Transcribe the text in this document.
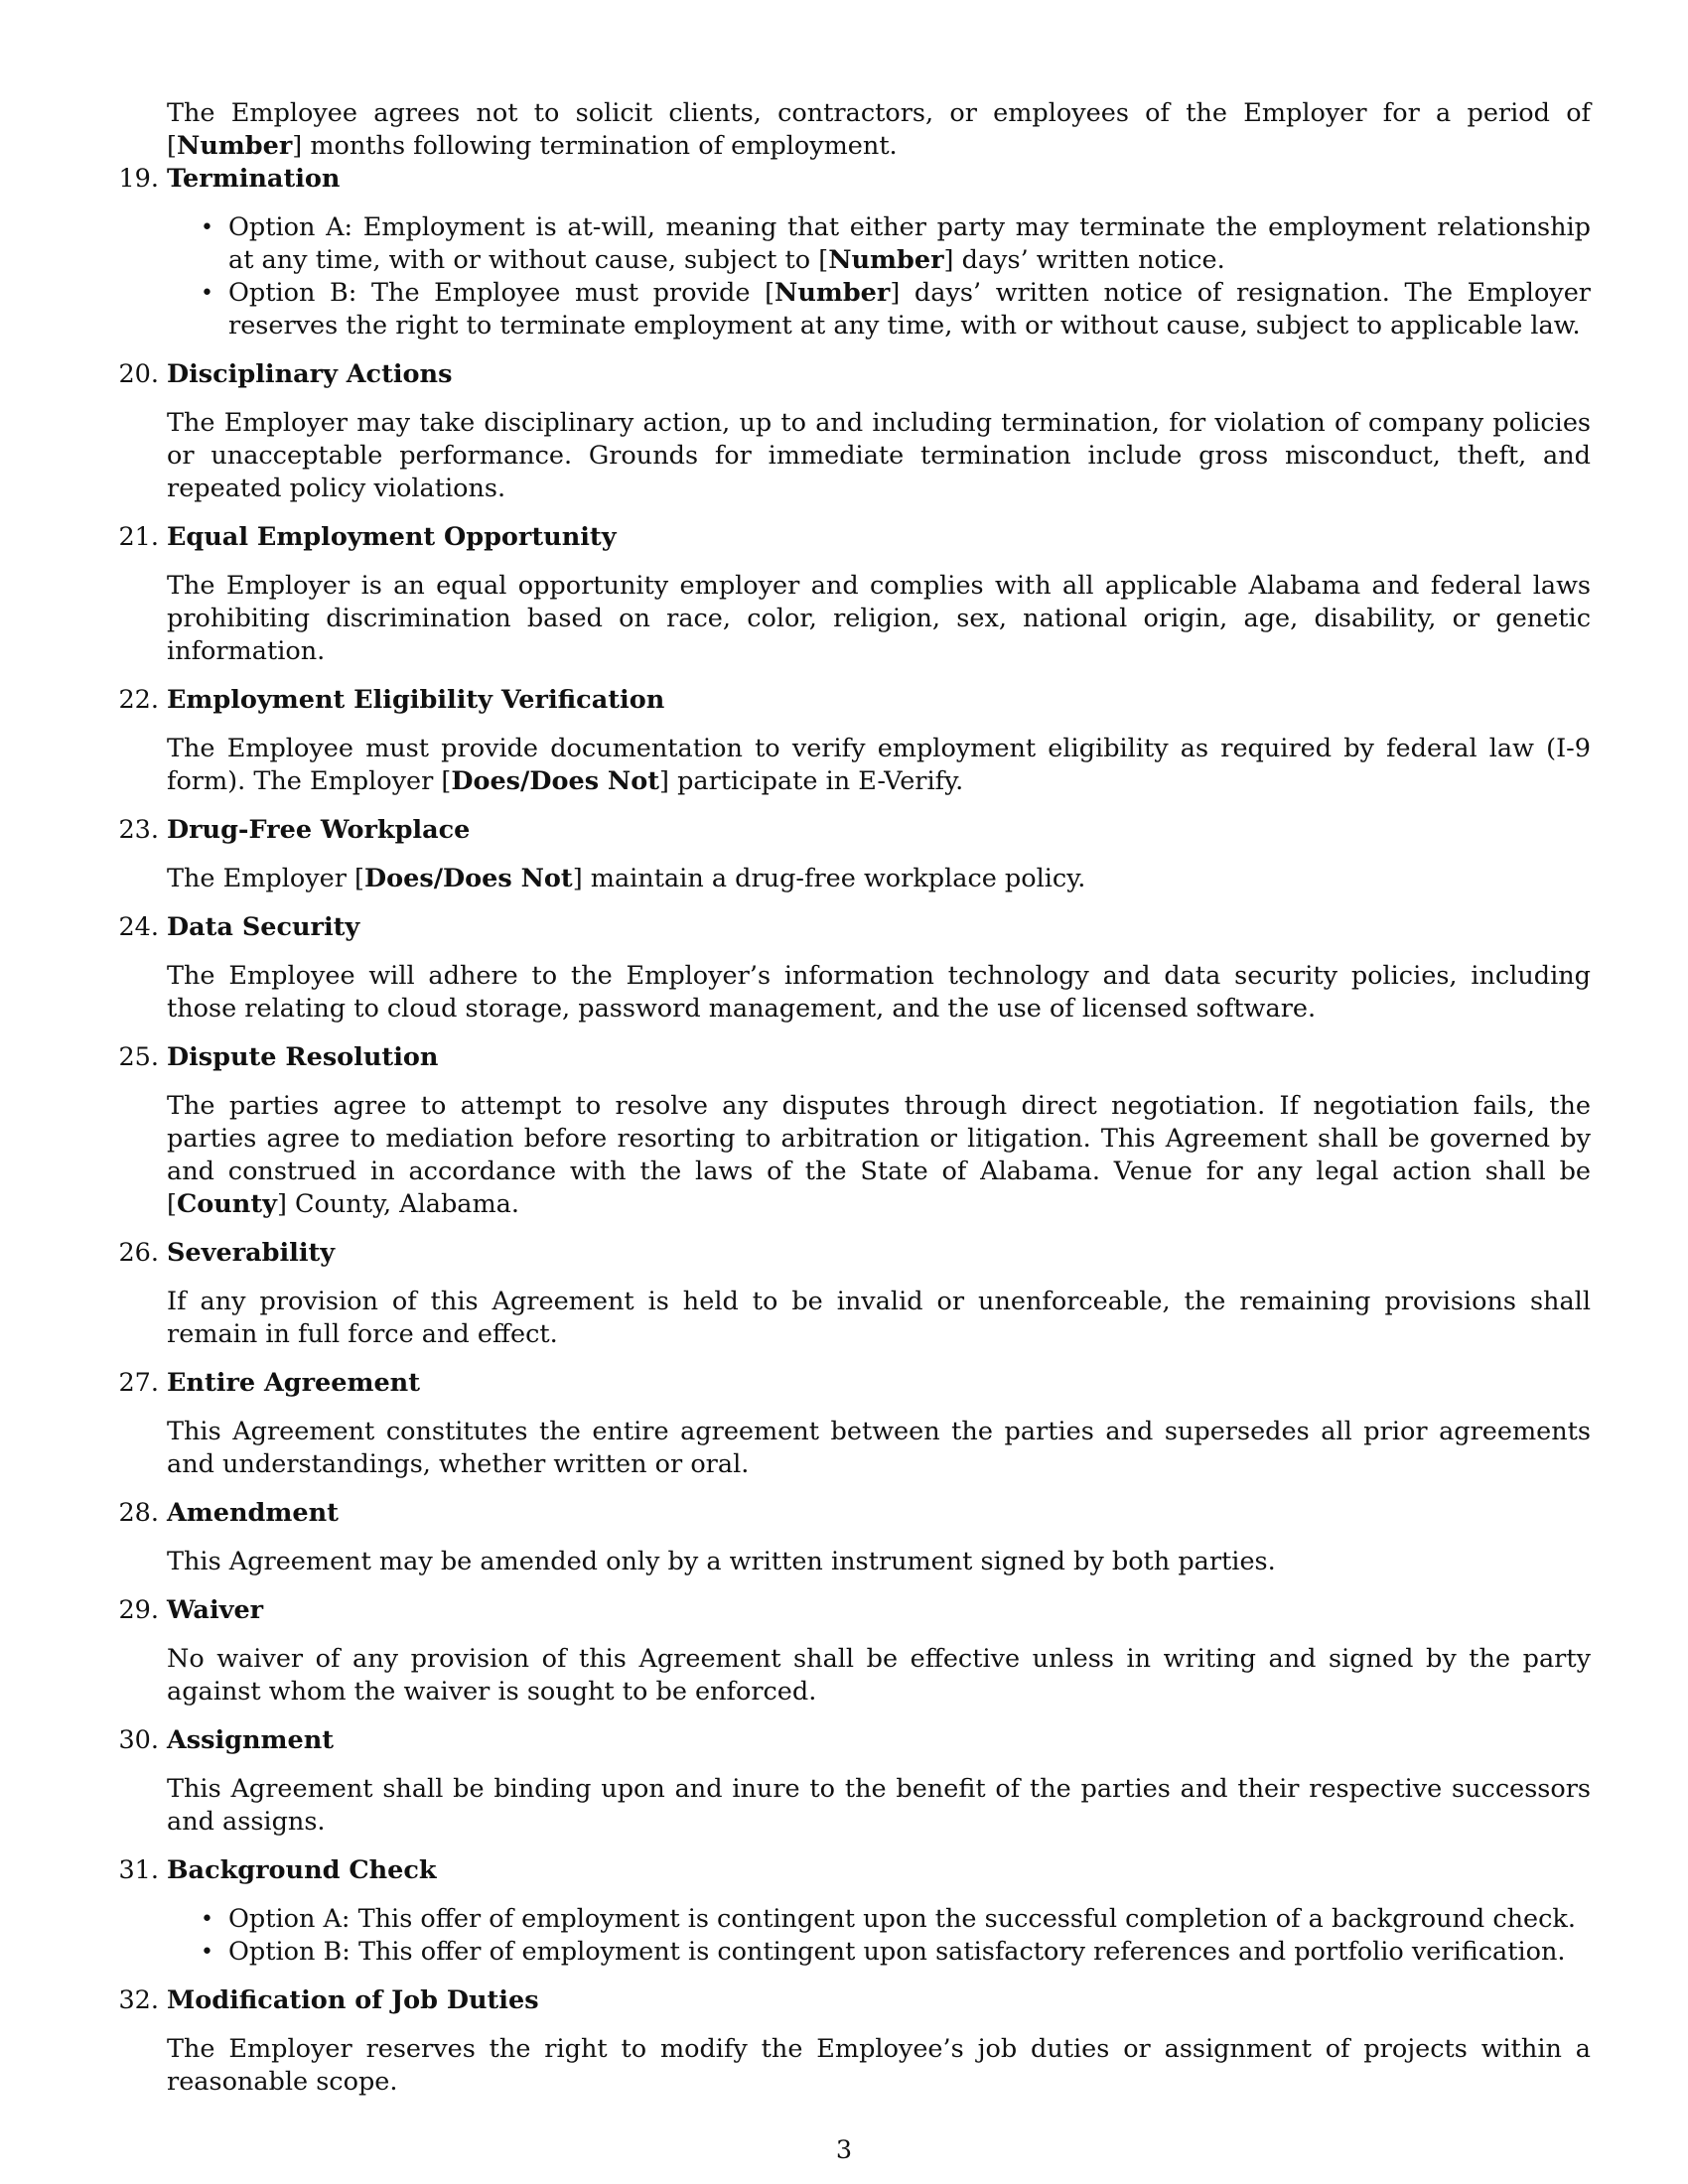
The Employee agrees not to solicit clients, contractors, or employees of the Employer for a period of [Number] months following termination of employment.

19. Termination
• Option A: Employment is at-will, meaning that either party may terminate the employment relationship at any time, with or without cause, subject to [Number] days’ written notice.
• Option B: The Employee must provide [Number] days’ written notice of resignation. The Employer reserves the right to terminate employment at any time, with or without cause, subject to applicable law.
20. Disciplinary Actions

The Employer may take disciplinary action, up to and including termination, for violation of company policies or unacceptable performance. Grounds for immediate termination include gross misconduct, theft, and repeated policy violations.

21. Equal Employment Opportunity

The Employer is an equal opportunity employer and complies with all applicable Alabama and federal laws prohibiting discrimination based on race, color, religion, sex, national origin, age, disability, or genetic information.

22. Employment Eligibility Verification

The Employee must provide documentation to verify employment eligibility as required by federal law (I-9 form). The Employer [Does/Does Not] participate in E-Verify.

23. Drug-Free Workplace

The Employer [Does/Does Not] maintain a drug-free workplace policy.

24. Data Security

The Employee will adhere to the Employer’s information technology and data security policies, including those relating to cloud storage, password management, and the use of licensed software.

25. Dispute Resolution

The parties agree to attempt to resolve any disputes through direct negotiation. If negotiation fails, the parties agree to mediation before resorting to arbitration or litigation. This Agreement shall be governed by and construed in accordance with the laws of the State of Alabama. Venue for any legal action shall be [County] County, Alabama.

26. Severability

If any provision of this Agreement is held to be invalid or unenforceable, the remaining provisions shall remain in full force and effect.

27. Entire Agreement

This Agreement constitutes the entire agreement between the parties and supersedes all prior agreements and understandings, whether written or oral.

28. Amendment

This Agreement may be amended only by a written instrument signed by both parties.

29. Waiver

No waiver of any provision of this Agreement shall be effective unless in writing and signed by the party against whom the waiver is sought to be enforced.

30. Assignment

This Agreement shall be binding upon and inure to the benefit of the parties and their respective successors and assigns.

31. Background Check
• Option A: This offer of employment is contingent upon the successful completion of a background check.
• Option B: This offer of employment is contingent upon satisfactory references and portfolio verification.
32. Modification of Job Duties

The Employer reserves the right to modify the Employee’s job duties or assignment of projects within a reasonable scope.

3
